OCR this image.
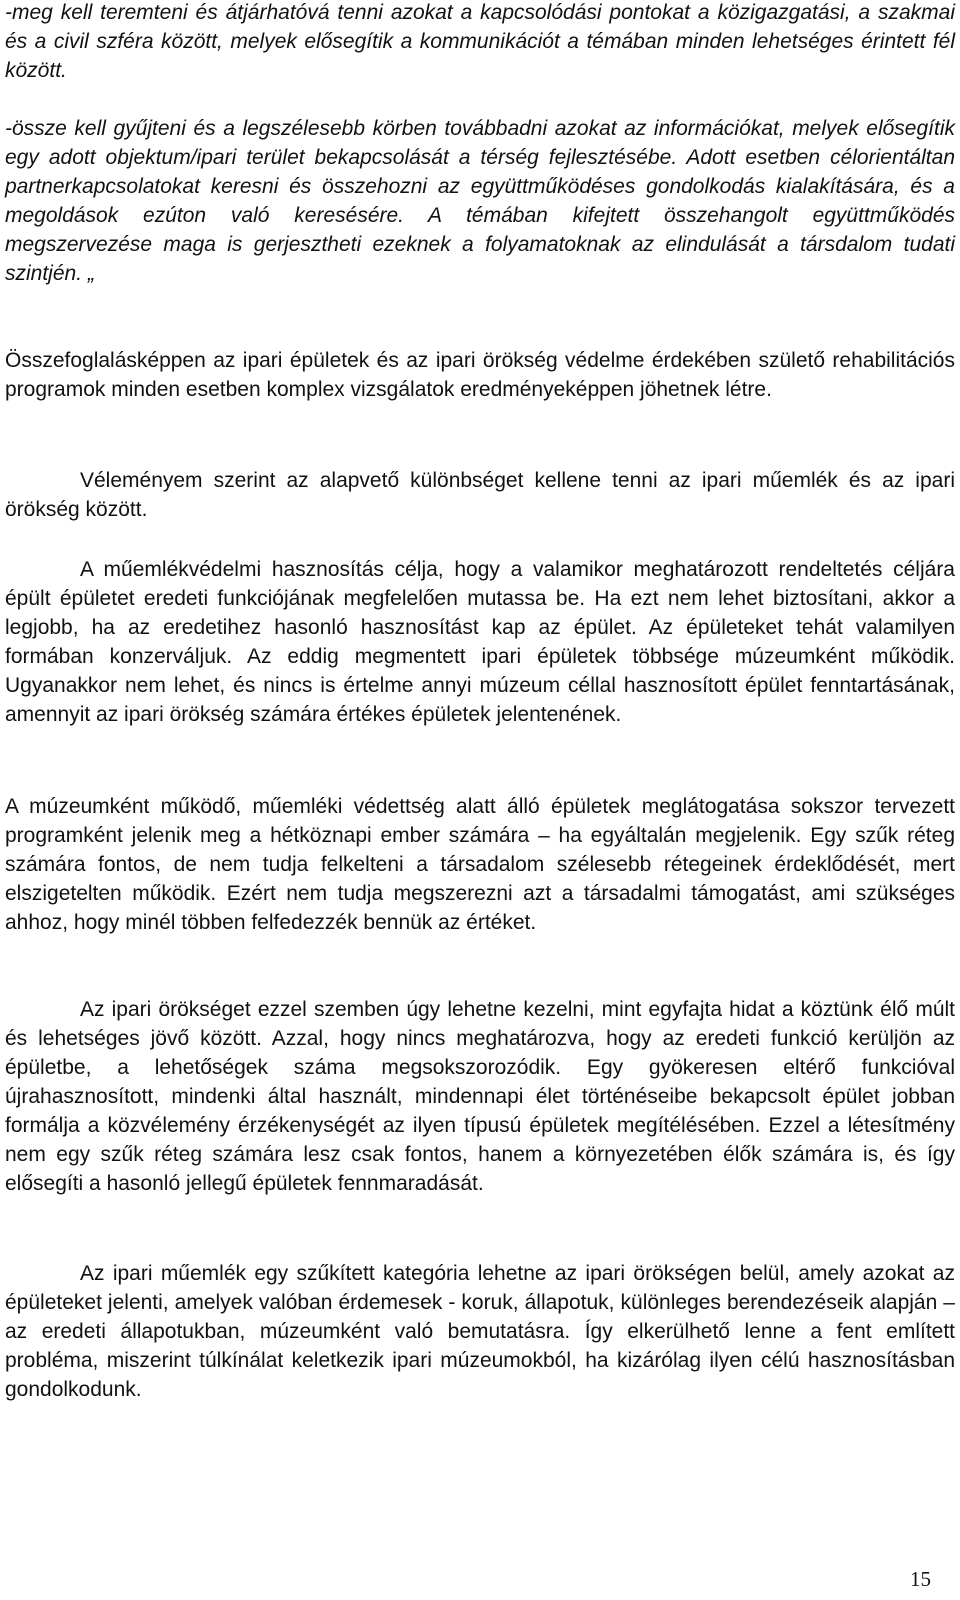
-meg kell teremteni és átjárhatóvá tenni azokat a kapcsolódási pontokat a közigazgatási, a szakmai és a civil szféra között, melyek elősegítik a kommunikációt a témában minden lehetséges érintett fél között.

-össze kell gyűjteni és a legszélesebb körben továbbadni azokat az információkat, melyek elősegítik egy adott objektum/ipari terület bekapcsolását a térség fejlesztésébe. Adott esetben célorientáltan partnerkapcsolatokat keresni és összehozni az együttműködéses gondolkodás kialakítására, és a megoldások ezúton való keresésére. A témában kifejtett összehangolt együttműködés megszervezése maga is gerjesztheti ezeknek a folyamatoknak az elindulását a társdalom tudati szintjén. „

Összefoglalásképpen az ipari épületek és az ipari örökség védelme érdekében születő rehabilitációs programok minden esetben komplex vizsgálatok eredményeképpen jöhetnek létre.

Véleményem szerint az alapvető különbséget kellene tenni az ipari műemlék és az ipari örökség között.

A műemlékvédelmi hasznosítás célja, hogy a valamikor meghatározott rendeltetés céljára épült épületet eredeti funkciójának megfelelően mutassa be. Ha ezt nem lehet biztosítani, akkor a legjobb, ha az eredetihez hasonló hasznosítást kap az épület. Az épületeket tehát valamilyen formában konzerváljuk. Az eddig megmentett ipari épületek többsége múzeumként működik. Ugyanakkor nem lehet, és nincs is értelme annyi múzeum céllal hasznosított épület fenntartásának, amennyit az ipari örökség számára értékes épületek jelentenének.

A múzeumként működő, műemléki védettség alatt álló épületek meglátogatása sokszor tervezett programként jelenik meg a hétköznapi ember számára – ha egyáltalán megjelenik. Egy szűk réteg számára fontos, de nem tudja felkelteni a társadalom szélesebb rétegeinek érdeklődését, mert elszigetelten működik. Ezért nem tudja megszerezni azt a társadalmi támogatást, ami szükséges ahhoz, hogy minél többen felfedezzék bennük az értéket.

Az ipari örökséget ezzel szemben úgy lehetne kezelni, mint egyfajta hidat a köztünk élő múlt és lehetséges jövő között. Azzal, hogy nincs meghatározva, hogy az eredeti funkció kerüljön az épületbe, a lehetőségek száma megsokszorozódik. Egy gyökeresen eltérő funkcióval újrahasznosított, mindenki által használt, mindennapi élet történéseibe bekapcsolt épület jobban formálja a közvélemény érzékenységét az ilyen típusú épületek megítélésében. Ezzel a létesítmény nem egy szűk réteg számára lesz csak fontos, hanem a környezetében élők számára is, és így elősegíti a hasonló jellegű épületek fennmaradását.

Az ipari műemlék egy szűkített kategória lehetne az ipari örökségen belül, amely azokat az épületeket jelenti, amelyek valóban érdemesek - koruk, állapotuk, különleges berendezéseik alapján – az eredeti állapotukban, múzeumként való bemutatásra. Így elkerülhető lenne a fent említett probléma, miszerint túlkínálat keletkezik ipari múzeumokból, ha kizárólag ilyen célú hasznosításban gondolkodunk.

15
